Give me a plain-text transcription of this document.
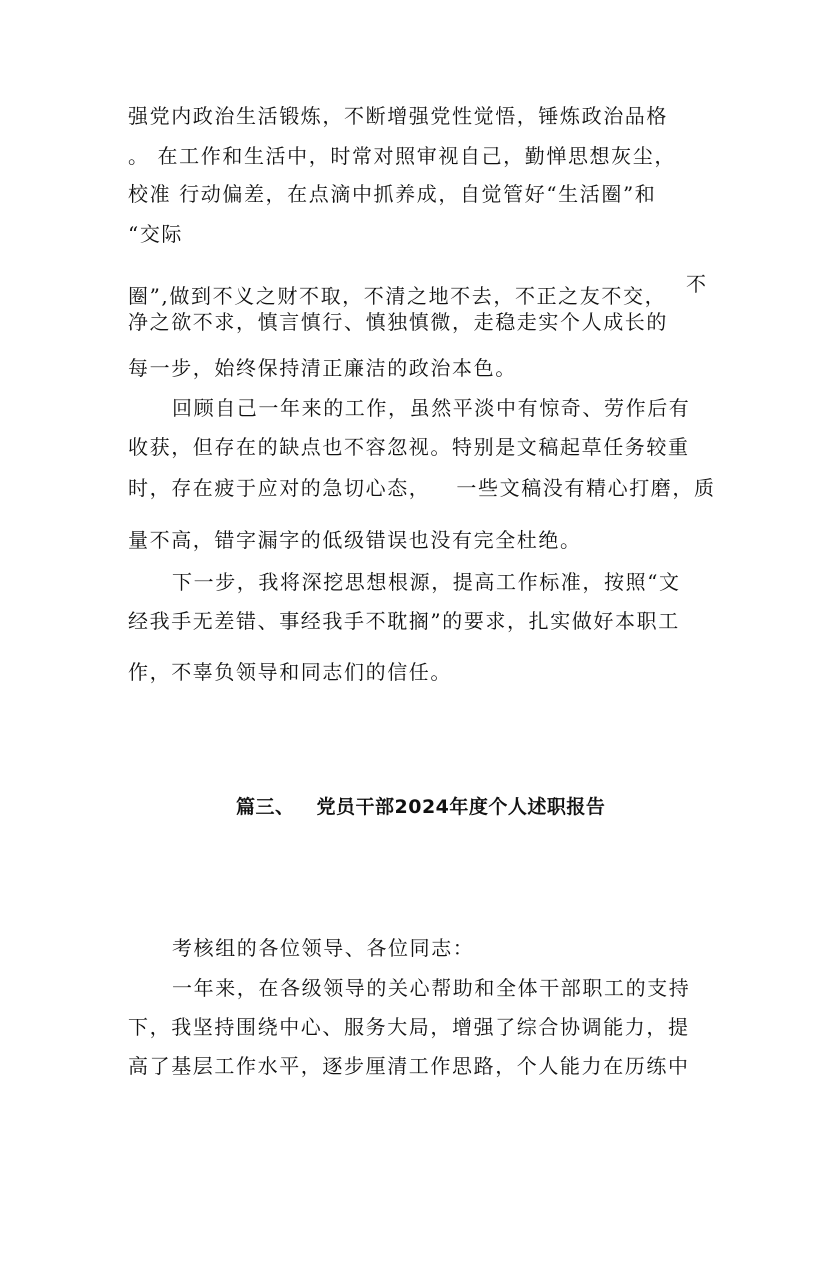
强党内政治生活锻炼，不断增强党性觉悟，锤炼政治品格
。 在工作和生活中，时常对照审视自己，勤惮思想灰尘，
校准 行动偏差，在点滴中抓养成，自觉管好“生活圈”和
“交际
圈”,做到不义之财不取，不清之地不去，不正之友不交， 不
净之欲不求，慎言慎行、慎独慎微，走稳走实个人成长的
每一步，始终保持清正廉洁的政治本色。
回顾自己一年来的工作，虽然平淡中有惊奇、劳作后有
收获，但存在的缺点也不容忽视。特别是文稿起草任务较重
时，存在疲于应对的急切心态， 一些文稿没有精心打磨，质
量不高，错字漏字的低级错误也没有完全杜绝。
下一步，我将深挖思想根源，提高工作标准，按照“文
经我手无差错、事经我手不耽搁”的要求，扎实做好本职工
作，不辜负领导和同志们的信任。
篇三、 党员干部2024年度个人述职报告
考核组的各位领导、各位同志：
一年来，在各级领导的关心帮助和全体干部职工的支持
下，我坚持围绕中心、服务大局，增强了综合协调能力，提
高了基层工作水平，逐步厘清工作思路，个人能力在历练中
